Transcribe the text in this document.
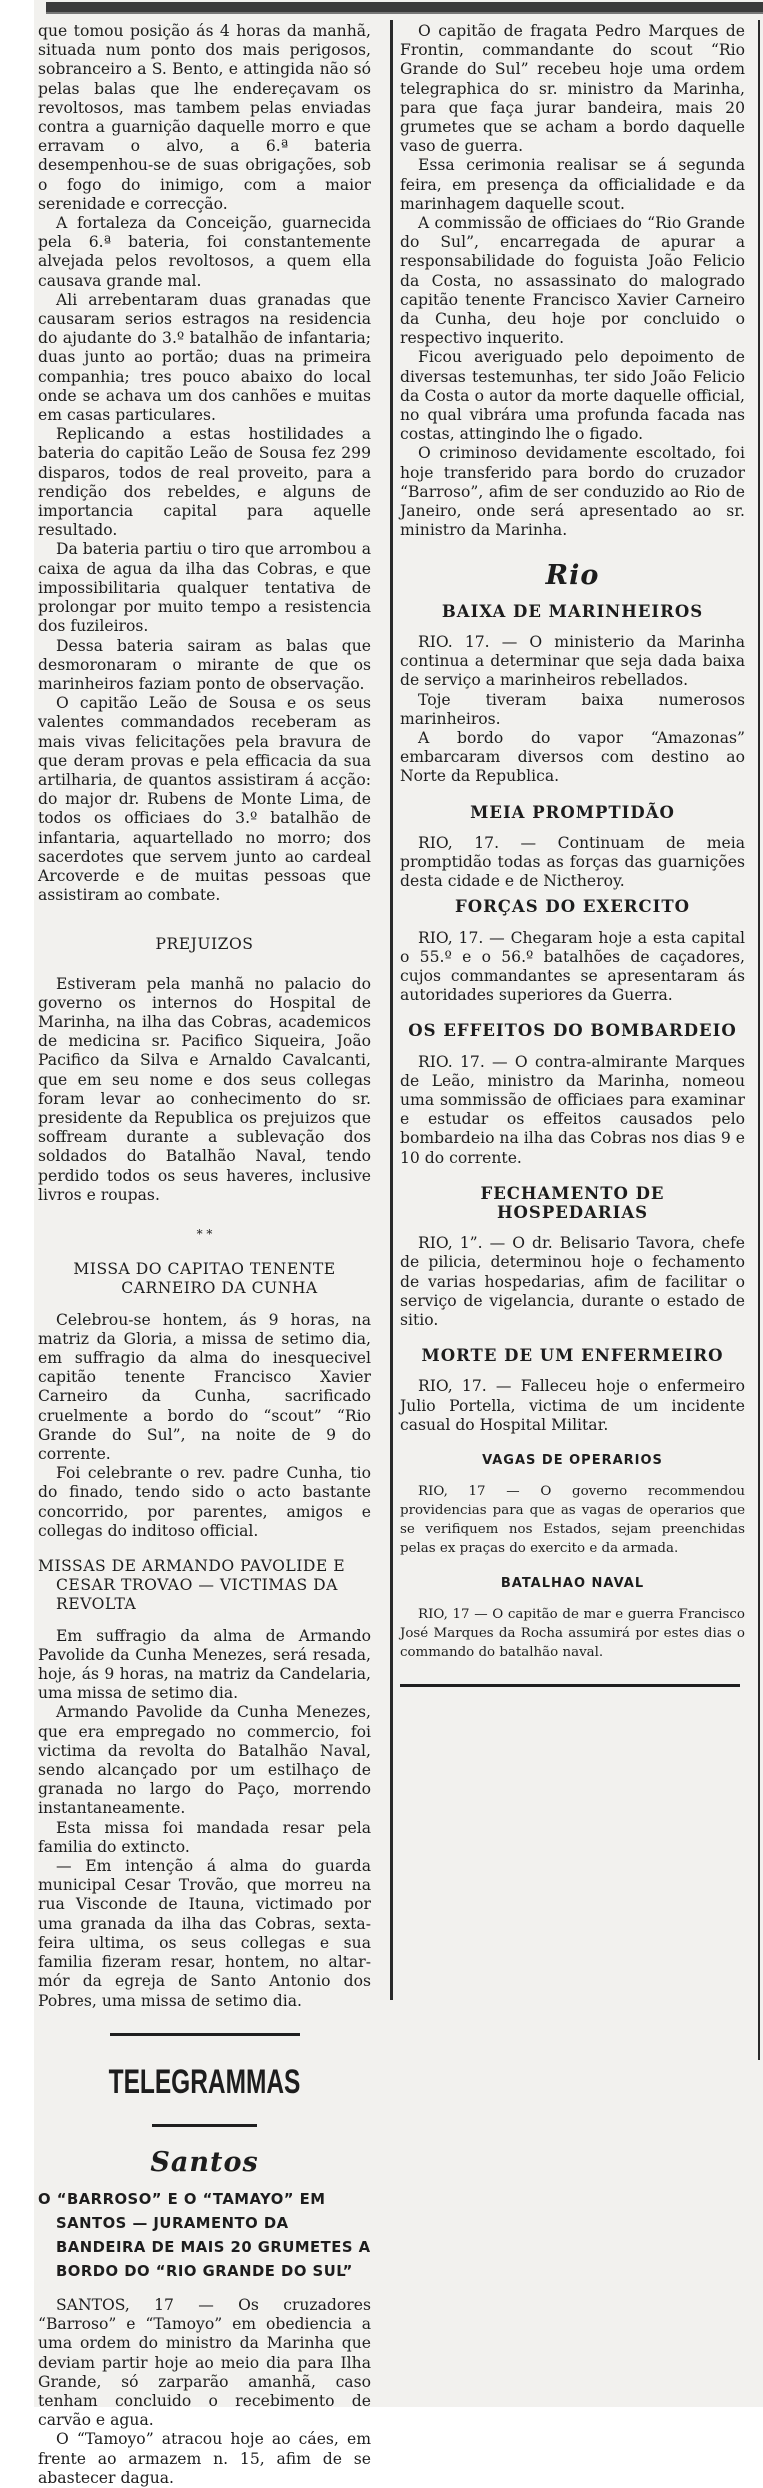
que tomou posição ás 4 horas da manhã, situada num ponto dos mais perigosos, sobranceiro a S. Bento, e attingida não só pelas balas que lhe endereçavam os revoltosos, mas tambem pelas enviadas contra a guarnição daquelle morro e que erravam o alvo, a 6.ª bateria desempenhou-se de suas obrigações, sob o fogo do inimigo, com a maior serenidade e correcção.

A fortaleza da Conceição, guarnecida pela 6.ª bateria, foi constantemente alvejada pelos revoltosos, a quem ella causava grande mal.

Ali arrebentaram duas granadas que causaram serios estragos na residencia do ajudante do 3.º batalhão de infantaria; duas junto ao portão; duas na primeira companhia; tres pouco abaixo do local onde se achava um dos canhões e muitas em casas particulares.

Replicando a estas hostilidades a bateria do capitão Leão de Sousa fez 299 disparos, todos de real proveito, para a rendição dos rebeldes, e alguns de importancia capital para aquelle resultado.

Da bateria partiu o tiro que arrombou a caixa de agua da ilha das Cobras, e que impossibilitaria qualquer tentativa de prolongar por muito tempo a resistencia dos fuzileiros.

Dessa bateria sairam as balas que desmoronaram o mirante de que os marinheiros faziam ponto de observação.

O capitão Leão de Sousa e os seus valentes commandados receberam as mais vivas felicitações pela bravura de que deram provas e pela efficacia da sua artilharia, de quantos assistiram á acção: do major dr. Rubens de Monte Lima, de todos os officiaes do 3.º batalhão de infantaria, aquartellado no morro; dos sacerdotes que servem junto ao cardeal Arcoverde e de muitas pessoas que assistiram ao combate.

PREJUIZOS

Estiveram pela manhã no palacio do governo os internos do Hospital de Marinha, na ilha das Cobras, academicos de medicina sr. Pacifico Siqueira, João Pacifico da Silva e Arnaldo Cavalcanti, que em seu nome e dos seus collegas foram levar ao conhecimento do sr. presidente da Republica os prejuizos que soffream durante a sublevação dos soldados do Batalhão Naval, tendo perdido todos os seus haveres, inclusive livros e roupas.

* *
MISSA DO CAPITAO TENENTE CARNEIRO DA CUNHA

Celebrou-se hontem, ás 9 horas, na matriz da Gloria, a missa de setimo dia, em suffragio da alma do inesquecivel capitão tenente Francisco Xavier Carneiro da Cunha, sacrificado cruelmente a bordo do “scout” “Rio Grande do Sul”, na noite de 9 do corrente.

Foi celebrante o rev. padre Cunha, tio do finado, tendo sido o acto bastante concorrido, por parentes, amigos e collegas do inditoso official.

MISSAS DE ARMANDO PAVOLIDE E CESAR TROVAO — VICTIMAS DA REVOLTA

Em suffragio da alma de Armando Pavolide da Cunha Menezes, será resada, hoje, ás 9 horas, na matriz da Candelaria, uma missa de setimo dia.

Armando Pavolide da Cunha Menezes, que era empregado no commercio, foi victima da revolta do Batalhão Naval, sendo alcançado por um estilhaço de granada no largo do Paço, morrendo instantaneamente.

Esta missa foi mandada resar pela familia do extincto.

— Em intenção á alma do guarda municipal Cesar Trovão, que morreu na rua Visconde de Itauna, victimado por uma granada da ilha das Cobras, sexta-feira ultima, os seus collegas e sua familia fizeram resar, hontem, no altar-mór da egreja de Santo Antonio dos Pobres, uma missa de setimo dia.

TELEGRAMMAS
Santos
O “BARROSO” E O “TAMAYO” EM SANTOS — JURAMENTO DA BANDEIRA DE MAIS 20 GRUMETES A BORDO DO “RIO GRANDE DO SUL”

SANTOS, 17 — Os cruzadores “Barroso” e “Tamoyo” em obediencia a uma ordem do ministro da Marinha que deviam partir hoje ao meio dia para Ilha Grande, só zarparão amanhã, caso tenham concluido o recebimento de carvão e agua.

O “Tamoyo” atracou hoje ao cáes, em frente ao armazem n. 15, afim de se abastecer dagua.

O capitão de fragata Pedro Marques de Frontin, commandante do scout “Rio Grande do Sul” recebeu hoje uma ordem telegraphica do sr. ministro da Marinha, para que faça jurar bandeira, mais 20 grumetes que se acham a bordo daquelle vaso de guerra.

Essa cerimonia realisar se á segunda feira, em presença da officialidade e da marinhagem daquelle scout.

A commissão de officiaes do “Rio Grande do Sul”, encarregada de apurar a responsabilidade do foguista João Felicio da Costa, no assassinato do malogrado capitão tenente Francisco Xavier Carneiro da Cunha, deu hoje por concluido o respectivo inquerito.

Ficou averiguado pelo depoimento de diversas testemunhas, ter sido João Felicio da Costa o autor da morte daquelle official, no qual vibrára uma profunda facada nas costas, attingindo lhe o figado.

O criminoso devidamente escoltado, foi hoje transferido para bordo do cruzador “Barroso”, afim de ser conduzido ao Rio de Janeiro, onde será apresentado ao sr. ministro da Marinha.

Rio
BAIXA DE MARINHEIROS

RIO. 17. — O ministerio da Marinha continua a determinar que seja dada baixa de serviço a marinheiros rebellados.

Toje tiveram baixa numerosos marinheiros.

A bordo do vapor “Amazonas” embarcaram diversos com destino ao Norte da Republica.

MEIA PROMPTIDÃO

RIO, 17. — Continuam de meia promptidão todas as forças das guarnições desta cidade e de Nictheroy.

FORÇAS DO EXERCITO

RIO, 17. — Chegaram hoje a esta capital o 55.º e o 56.º batalhões de caçadores, cujos commandantes se apresentaram ás autoridades superiores da Guerra.

OS EFFEITOS DO BOMBARDEIO

RIO. 17. — O contra-almirante Marques de Leão, ministro da Marinha, nomeou uma sommissão de officiaes para examinar e estudar os effeitos causados pelo bombardeio na ilha das Cobras nos dias 9 e 10 do corrente.

FECHAMENTO DE HOSPEDARIAS

RIO, 1”. — O dr. Belisario Tavora, chefe de pilicia, determinou hoje o fechamento de varias hospedarias, afim de facilitar o serviço de vigelancia, durante o estado de sitio.

MORTE DE UM ENFERMEIRO

RIO, 17. — Falleceu hoje o enfermeiro Julio Portella, victima de um incidente casual do Hospital Militar.

VAGAS DE OPERARIOS

RIO, 17 — O governo recommendou providencias para que as vagas de operarios que se verifiquem nos Estados, sejam preenchidas pelas ex praças do exercito e da armada.

BATALHAO NAVAL

RIO, 17 — O capitão de mar e guerra Francisco José Marques da Rocha assumirá por estes dias o commando do batalhão naval.
